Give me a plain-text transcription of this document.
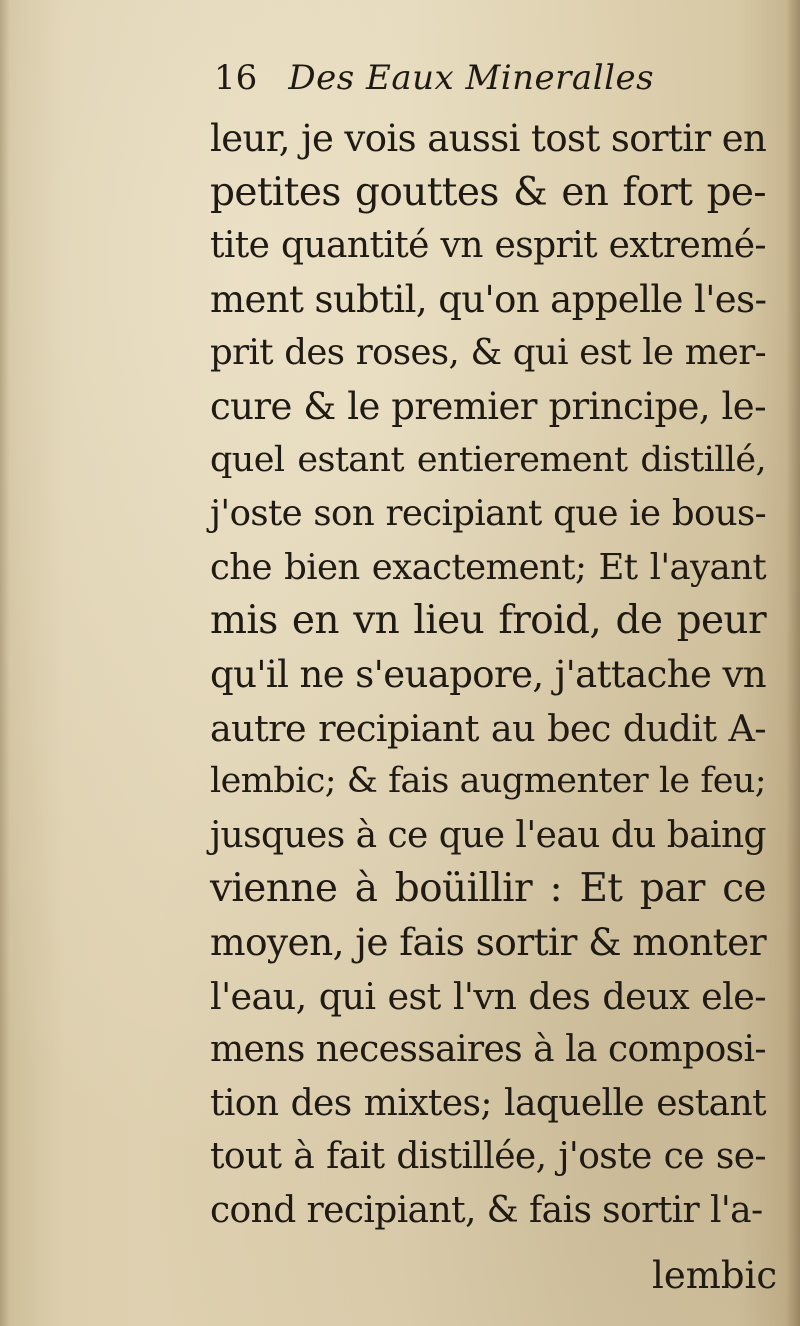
16 Des Eaux Mineralles
leur, je vois aussi tost sortir en
petites gouttes & en fort pe-
tite quantité vn esprit extremé-
ment subtil, qu'on appelle l'es-
prit des roses, & qui est le mer-
cure & le premier principe, le-
quel estant entierement distillé,
j'oste son recipiant que ie bous-
che bien exactement; Et l'ayant
mis en vn lieu froid, de peur
qu'il ne s'euapore, j'attache vn
autre recipiant au bec dudit A-
lembic; & fais augmenter le feu;
jusques à ce que l'eau du baing
vienne à boüillir : Et par ce
moyen, je fais sortir & monter
l'eau, qui est l'vn des deux ele-
mens necessaires à la composi-
tion des mixtes; laquelle estant
tout à fait distillée, j'oste ce se-
cond recipiant, & fais sortir l'a-
lembic
